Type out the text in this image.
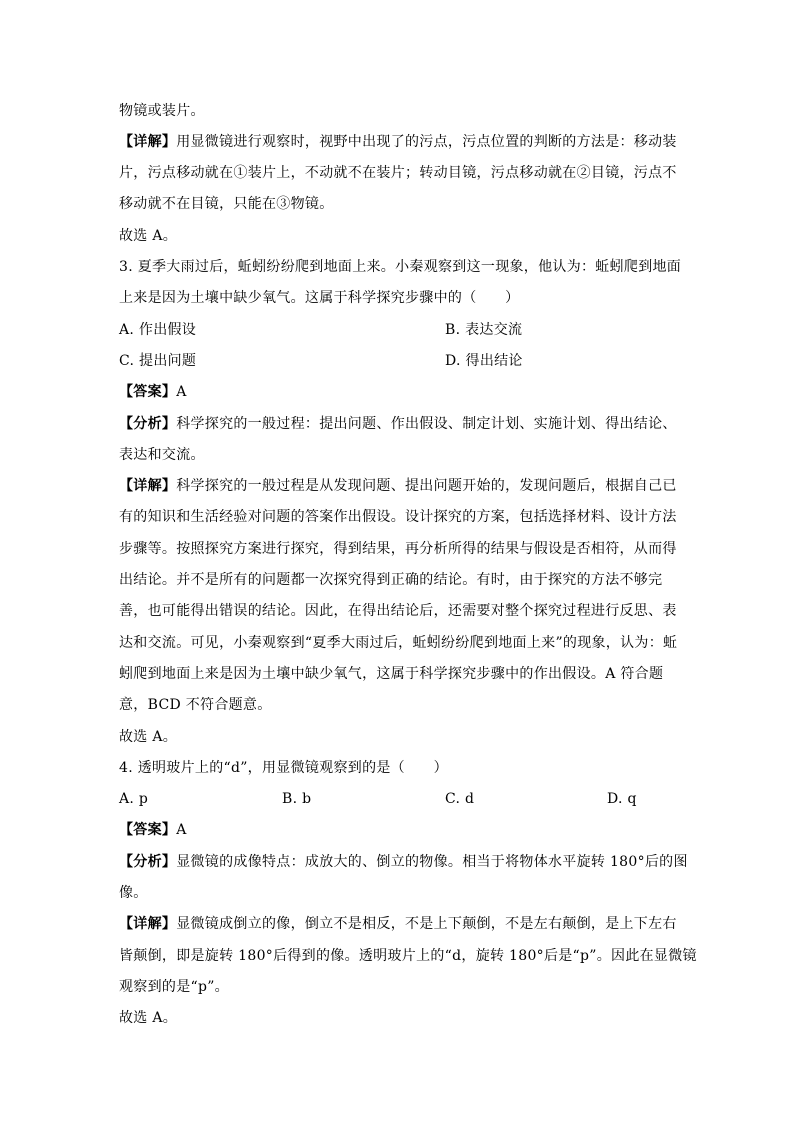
物镜或装片。
【详解】用显微镜进行观察时，视野中出现了的污点，污点位置的判断的方法是：移动装
片，污点移动就在①装片上，不动就不在装片；转动目镜，污点移动就在②目镜，污点不
移动就不在目镜，只能在③物镜。
故选 A。
3. 夏季大雨过后，蚯蚓纷纷爬到地面上来。小秦观察到这一现象，他认为：蚯蚓爬到地面
上来是因为土壤中缺少氧气。这属于科学探究步骤中的（　　）
A. 作出假设	B. 表达交流
C. 提出问题	D. 得出结论
【答案】A
【分析】科学探究的一般过程：提出问题、作出假设、制定计划、实施计划、得出结论、
表达和交流。
【详解】科学探究的一般过程是从发现问题、提出问题开始的，发现问题后，根据自己已
有的知识和生活经验对问题的答案作出假设。设计探究的方案，包括选择材料、设计方法
步骤等。按照探究方案进行探究，得到结果，再分析所得的结果与假设是否相符，从而得
出结论。并不是所有的问题都一次探究得到正确的结论。有时，由于探究的方法不够完
善，也可能得出错误的结论。因此，在得出结论后，还需要对整个探究过程进行反思、表
达和交流。可见，小秦观察到“夏季大雨过后，蚯蚓纷纷爬到地面上来”的现象，认为：蚯
蚓爬到地面上来是因为土壤中缺少氧气，这属于科学探究步骤中的作出假设。A 符合题
意，BCD 不符合题意。
故选 A。
4. 透明玻片上的“d”，用显微镜观察到的是（　　）
A. p	B. b	C. d	D. q
【答案】A
【分析】显微镜的成像特点：成放大的、倒立的物像。相当于将物体水平旋转 180°后的图
像。
【详解】显微镜成倒立的像，倒立不是相反，不是上下颠倒，不是左右颠倒，是上下左右
皆颠倒，即是旋转 180°后得到的像。透明玻片上的“d，旋转 180°后是“p”。因此在显微镜
观察到的是“p”。
故选 A。
